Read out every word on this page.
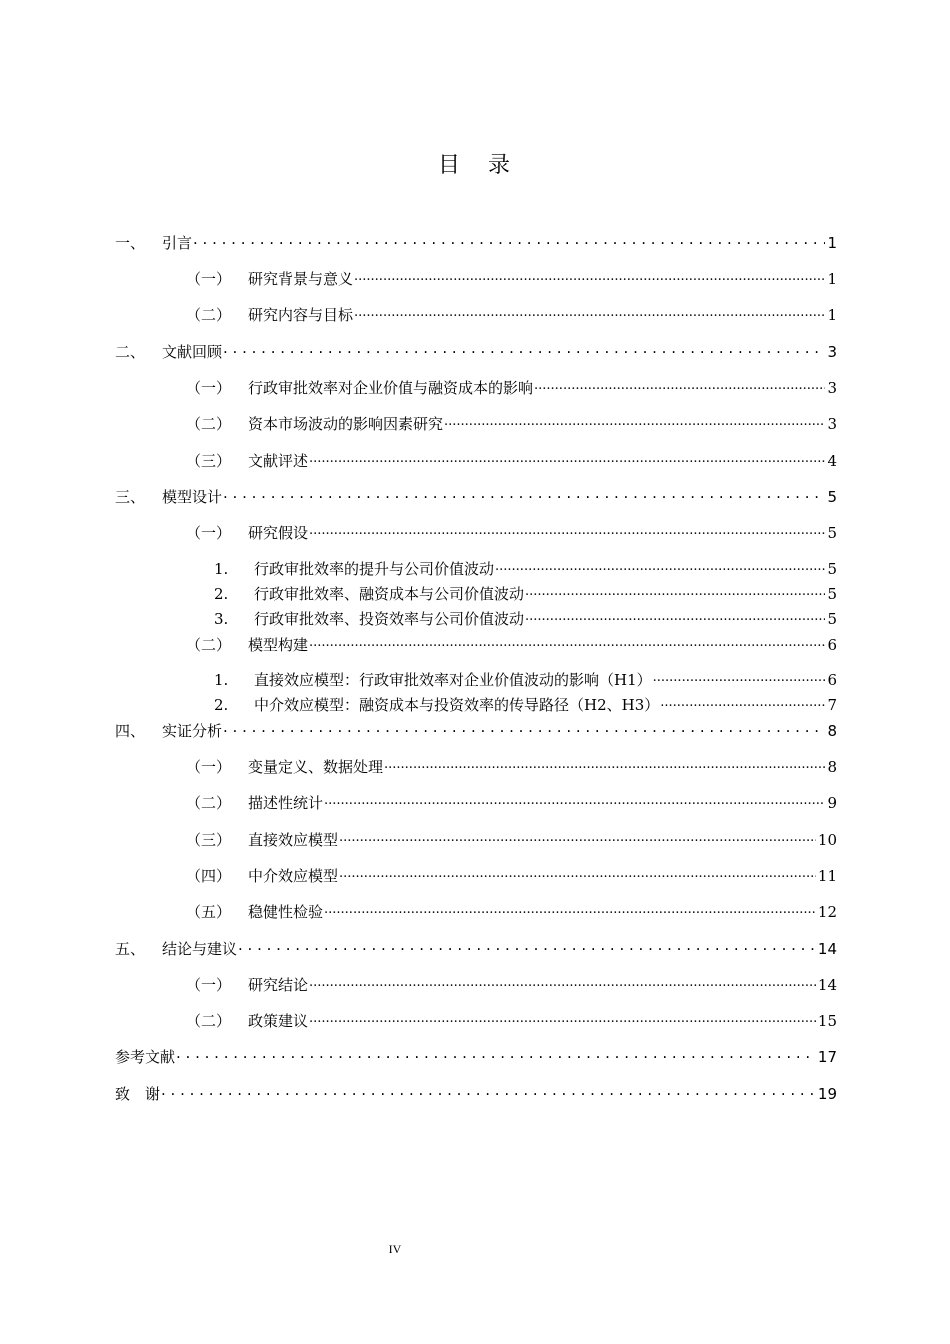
目 录
一、 引言 . . .	1
（一） 研究背景与意义 .....	1
（二） 研究内容与目标 .....	1
二、 文献回顾 . . .	3
（一） 行政审批效率对企业价值与融资成本的影响 .....	3
（二） 资本市场波动的影响因素研究 .....	3
（三） 文献评述 .....	4
三、 模型设计 . . .	5
（一） 研究假设 .....	5
1. 行政审批效率的提升与公司价值波动 .....	5
2. 行政审批效率、融资成本与公司价值波动 .....	5
3. 行政审批效率、投资效率与公司价值波动 .....	5
（二） 模型构建 .....	6
1. 直接效应模型：行政审批效率对企业价值波动的影响（H1） .....	6
2. 中介效应模型：融资成本与投资效率的传导路径（H2、H3） .....	7
四、 实证分析 . . .	8
（一） 变量定义、数据处理 .....	8
（二） 描述性统计 .....	9
（三） 直接效应模型 .....	10
（四） 中介效应模型 .....	11
（五） 稳健性检验 .....	12
五、 结论与建议 . . .	14
（一） 研究结论 .....	14
（二） 政策建议 .....	15
参考文献 . . .	17
致　谢 . . .	19
IV
